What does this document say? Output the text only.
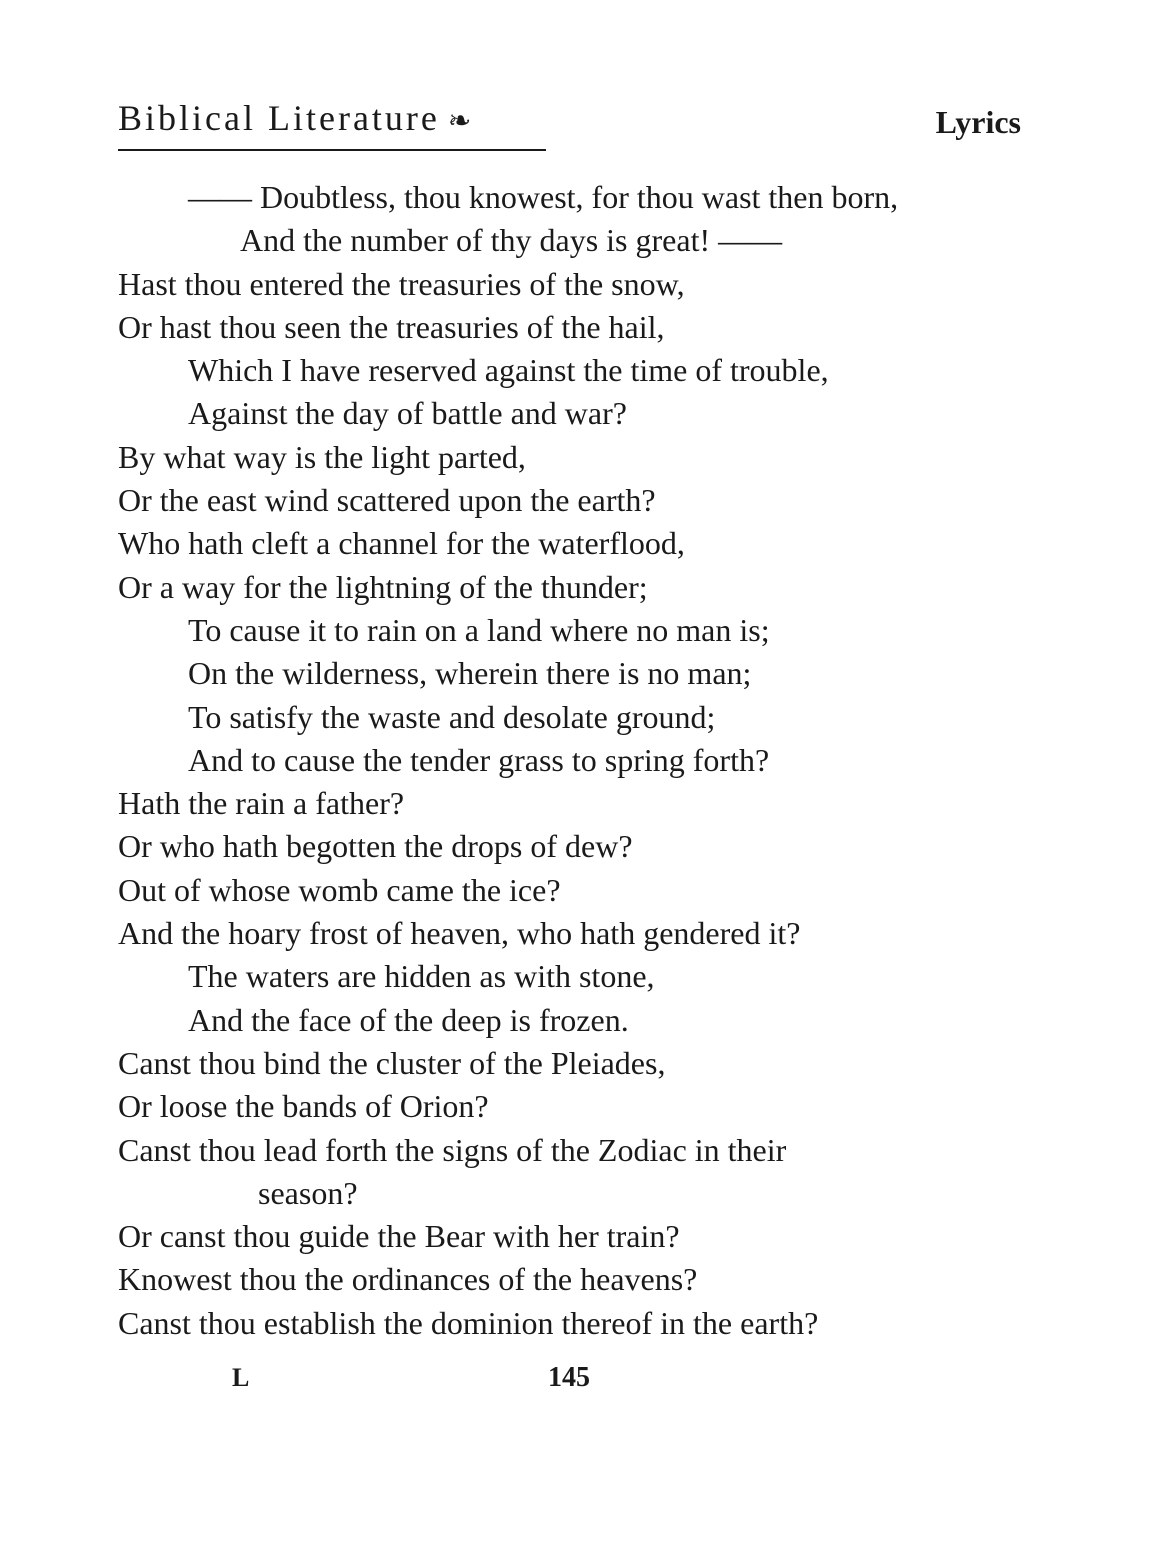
Biblical Literature ❧	Lyrics
—— Doubtless, thou knowest, for thou wast then born,
And the number of thy days is great! ——
Hast thou entered the treasuries of the snow,
Or hast thou seen the treasuries of the hail,
Which I have reserved against the time of trouble,
Against the day of battle and war?
By what way is the light parted,
Or the east wind scattered upon the earth?
Who hath cleft a channel for the waterflood,
Or a way for the lightning of the thunder;
To cause it to rain on a land where no man is;
On the wilderness, wherein there is no man;
To satisfy the waste and desolate ground;
And to cause the tender grass to spring forth?
Hath the rain a father?
Or who hath begotten the drops of dew?
Out of whose womb came the ice?
And the hoary frost of heaven, who hath gendered it?
The waters are hidden as with stone,
And the face of the deep is frozen.
Canst thou bind the cluster of the Pleiades,
Or loose the bands of Orion?
Canst thou lead forth the signs of the Zodiac in their
season?
Or canst thou guide the Bear with her train?
Knowest thou the ordinances of the heavens?
Canst thou establish the dominion thereof in the earth?
L	145
